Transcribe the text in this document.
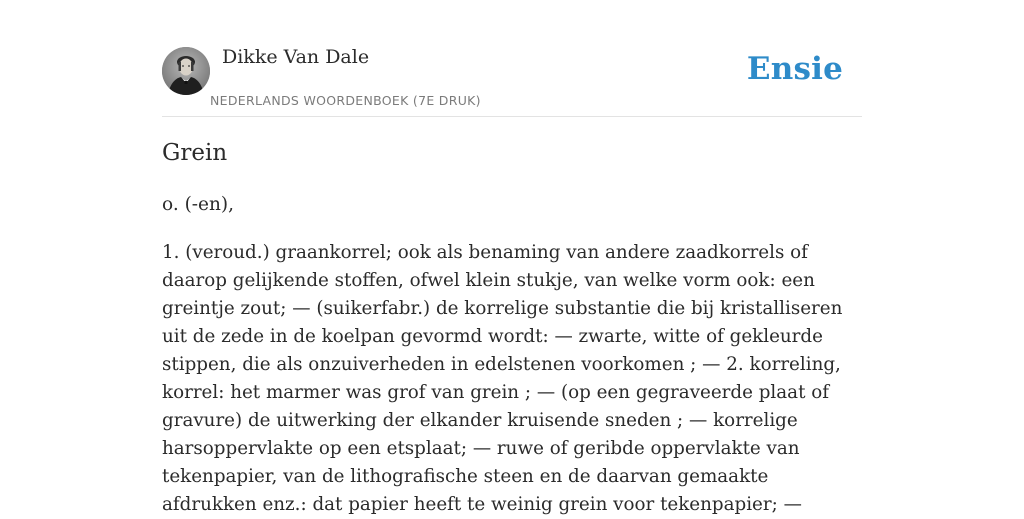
Dikke Van Dale
NEDERLANDS WOORDENBOEK (7E DRUK)
Ensie
Grein

o. (-en),

1. (veroud.) graankorrel; ook als benaming van andere zaadkorrels of daarop gelijkende stoffen, ofwel klein stukje, van welke vorm ook: een greintje zout; — (suikerfabr.) de korrelige substantie die bij kristalliseren uit de zede in de koelpan gevormd wordt: — zwarte, witte of gekleurde stippen, die als onzuiverheden in edelstenen voorkomen ; — 2. korreling, korrel: het marmer was grof van grein ; — (op een gegraveerde plaat of gravure) de uitwerking der elkander kruisende sneden ; — korrelige harsoppervlakte op een etsplaat; — ruwe of geribde oppervlakte van tekenpapier, van de lithografische steen en de daarvan gemaakte afdrukken enz.: dat papier heeft te weinig grein voor tekenpapier; —
